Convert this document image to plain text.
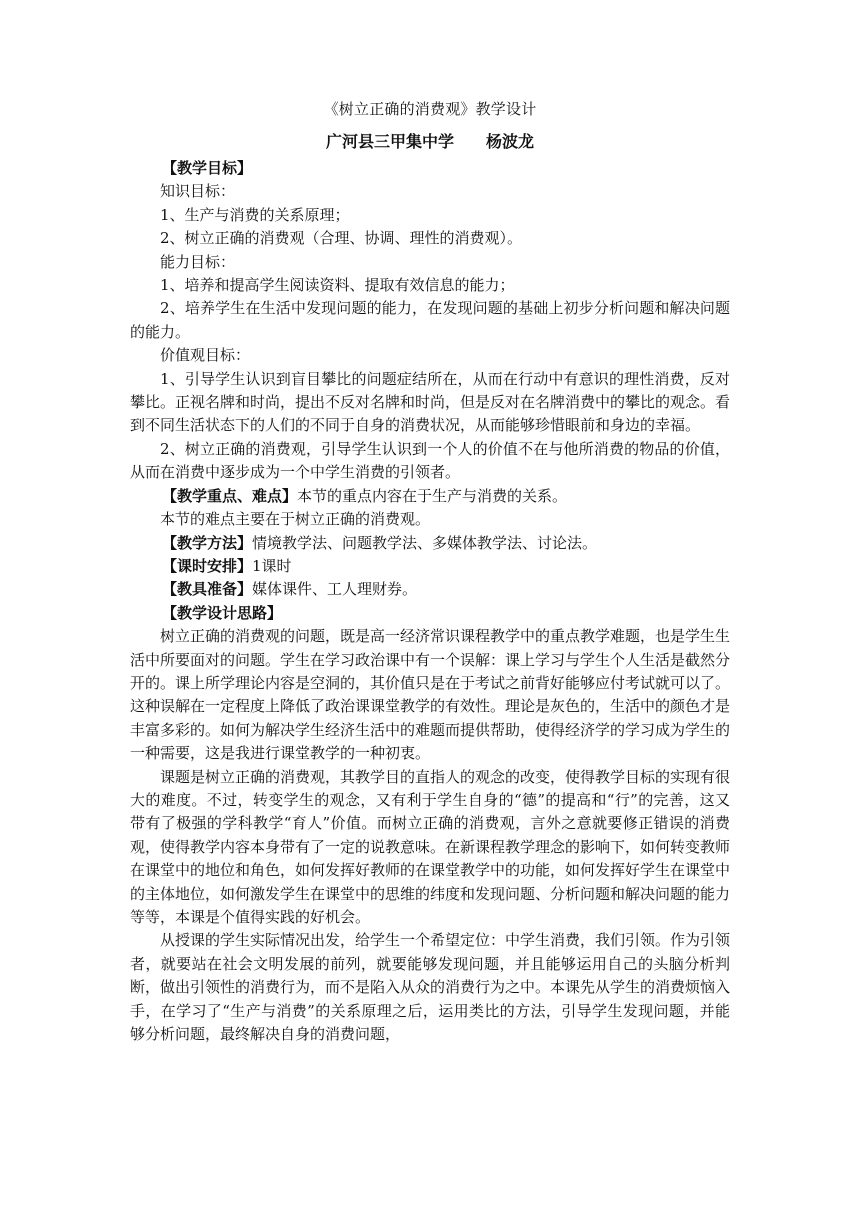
《树立正确的消费观》教学设计
广河县三甲集中学 杨波龙

【教学目标】

知识目标：

1、生产与消费的关系原理；

2、树立正确的消费观（合理、协调、理性的消费观）。

能力目标：

1、培养和提高学生阅读资料、提取有效信息的能力；

2、培养学生在生活中发现问题的能力，在发现问题的基础上初步分析问题和解决问题的能力。

价值观目标：

1、引导学生认识到盲目攀比的问题症结所在，从而在行动中有意识的理性消费，反对攀比。正视名牌和时尚，提出不反对名牌和时尚，但是反对在名牌消费中的攀比的观念。看到不同生活状态下的人们的不同于自身的消费状况，从而能够珍惜眼前和身边的幸福。

2、树立正确的消费观，引导学生认识到一个人的价值不在与他所消费的物品的价值，从而在消费中逐步成为一个中学生消费的引领者。

【教学重点、难点】本节的重点内容在于生产与消费的关系。

本节的难点主要在于树立正确的消费观。

【教学方法】情境教学法、问题教学法、多媒体教学法、讨论法。

【课时安排】1课时

【教具准备】媒体课件、工人理财券。

【教学设计思路】

树立正确的消费观的问题，既是高一经济常识课程教学中的重点教学难题，也是学生生活中所要面对的问题。学生在学习政治课中有一个误解：课上学习与学生个人生活是截然分开的。课上所学理论内容是空洞的，其价值只是在于考试之前背好能够应付考试就可以了。这种误解在一定程度上降低了政治课课堂教学的有效性。理论是灰色的，生活中的颜色才是丰富多彩的。如何为解决学生经济生活中的难题而提供帮助，使得经济学的学习成为学生的一种需要，这是我进行课堂教学的一种初衷。

课题是树立正确的消费观，其教学目的直指人的观念的改变，使得教学目标的实现有很大的难度。不过，转变学生的观念，又有利于学生自身的“德”的提高和“行”的完善，这又带有了极强的学科教学“育人”价值。而树立正确的消费观，言外之意就要修正错误的消费观，使得教学内容本身带有了一定的说教意味。在新课程教学理念的影响下，如何转变教师在课堂中的地位和角色，如何发挥好教师的在课堂教学中的功能，如何发挥好学生在课堂中的主体地位，如何激发学生在课堂中的思维的纬度和发现问题、分析问题和解决问题的能力等等，本课是个值得实践的好机会。

从授课的学生实际情况出发，给学生一个希望定位：中学生消费，我们引领。作为引领者，就要站在社会文明发展的前列，就要能够发现问题，并且能够运用自己的头脑分析判断，做出引领性的消费行为，而不是陷入从众的消费行为之中。本课先从学生的消费烦恼入手，在学习了“生产与消费”的关系原理之后，运用类比的方法，引导学生发现问题，并能够分析问题，最终解决自身的消费问题，
